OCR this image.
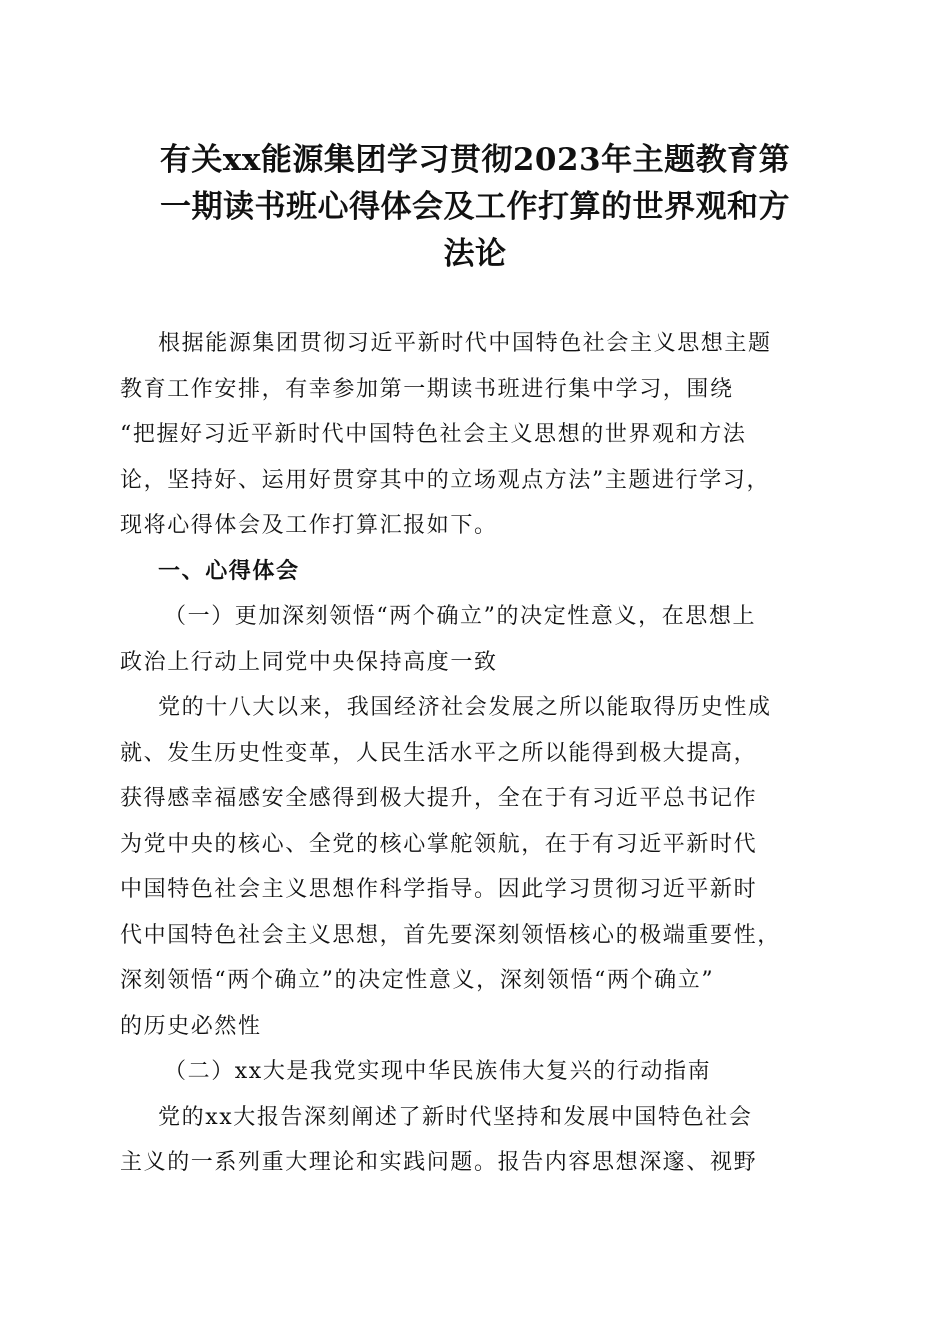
有关xx能源集团学习贯彻2023年主题教育第
一期读书班心得体会及工作打算的世界观和方
法论
根据能源集团贯彻习近平新时代中国特色社会主义思想主题
教育工作安排，有幸参加第一期读书班进行集中学习，围绕
“把握好习近平新时代中国特色社会主义思想的世界观和方法
论，坚持好、运用好贯穿其中的立场观点方法”主题进行学习，
现将心得体会及工作打算汇报如下。
一、心得体会
（一）更加深刻领悟“两个确立”的决定性意义，在思想上
政治上行动上同党中央保持高度一致
党的十八大以来，我国经济社会发展之所以能取得历史性成
就、发生历史性变革，人民生活水平之所以能得到极大提高，
获得感幸福感安全感得到极大提升，全在于有习近平总书记作
为党中央的核心、全党的核心掌舵领航，在于有习近平新时代
中国特色社会主义思想作科学指导。因此学习贯彻习近平新时
代中国特色社会主义思想，首先要深刻领悟核心的极端重要性，
深刻领悟“两个确立”的决定性意义，深刻领悟“两个确立”
的历史必然性
（二）xx大是我党实现中华民族伟大复兴的行动指南
党的xx大报告深刻阐述了新时代坚持和发展中国特色社会
主义的一系列重大理论和实践问题。报告内容思想深邃、视野
